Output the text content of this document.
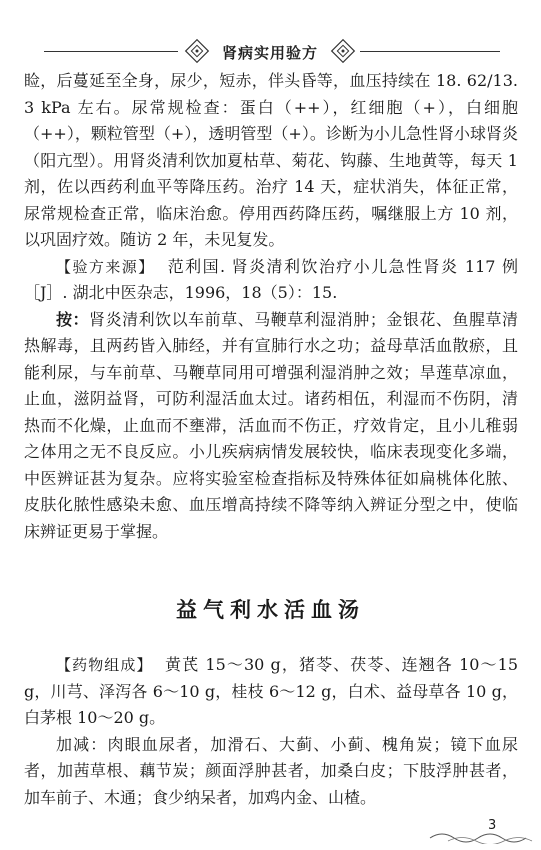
肾病实用验方

睑，后蔓延至全身，尿少，短赤，伴头昏等，血压持续在 18. 62/13. 3 kPa 左右。尿常规检查：蛋白（++），红细胞（+），白细胞（++），颗粒管型（+），透明管型（+）。诊断为小儿急性肾小球肾炎（阳亢型）。用肾炎清利饮加夏枯草、菊花、钩藤、生地黄等，每天 1 剂，佐以西药利血平等降压药。治疗 14 天，症状消失，体征正常，尿常规检查正常，临床治愈。停用西药降压药，嘱继服上方 10 剂，以巩固疗效。随访 2 年，未见复发。

【验方来源】 范利国. 肾炎清利饮治疗小儿急性肾炎 117 例［J］. 湖北中医杂志，1996，18（5）：15.

按：肾炎清利饮以车前草、马鞭草利湿消肿；金银花、鱼腥草清热解毒，且两药皆入肺经，并有宣肺行水之功；益母草活血散瘀，且能利尿，与车前草、马鞭草同用可增强利湿消肿之效；旱莲草凉血，止血，滋阴益肾，可防利湿活血太过。诸药相伍，利湿而不伤阴，清热而不化燥，止血而不壅滞，活血而不伤正，疗效肯定，且小儿稚弱之体用之无不良反应。小儿疾病病情发展较快，临床表现变化多端，中医辨证甚为复杂。应将实验室检查指标及特殊体征如扁桃体化脓、皮肤化脓性感染未愈、血压增高持续不降等纳入辨证分型之中，使临床辨证更易于掌握。

益气利水活血汤

【药物组成】 黄芪 15～30 g，猪苓、茯苓、连翘各 10～15 g，川芎、泽泻各 6～10 g，桂枝 6～12 g，白术、益母草各 10 g，白茅根 10～20 g。

加减：肉眼血尿者，加滑石、大蓟、小蓟、槐角炭；镜下血尿者，加茜草根、藕节炭；颜面浮肿甚者，加桑白皮；下肢浮肿甚者，加车前子、木通；食少纳呆者，加鸡内金、山楂。

3
